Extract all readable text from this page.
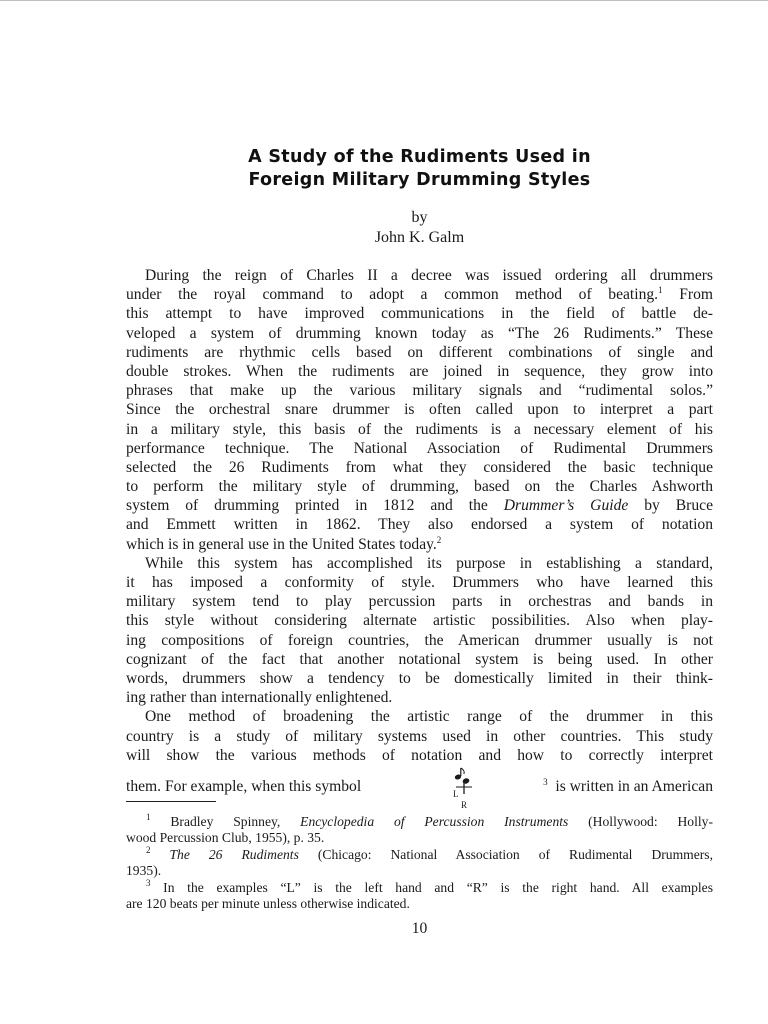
A Study of the Rudiments Used in
Foreign Military Drumming Styles
by
John K. Galm
During the reign of Charles II a decree was issued ordering all drummers
under the royal command to adopt a common method of beating.$^1$ From
this attempt to have improved communications in the field of battle de-
veloped a system of drumming known today as “The 26 Rudiments.” These
rudiments are rhythmic cells based on different combinations of single and
double strokes. When the rudiments are joined in sequence, they grow into
phrases that make up the various military signals and “rudimental solos.”
Since the orchestral snare drummer is often called upon to interpret a part
in a military style, this basis of the rudiments is a necessary element of his
performance technique. The National Association of Rudimental Drummers
selected the 26 Rudiments from what they considered the basic technique
to perform the military style of drumming, based on the Charles Ashworth
system of drumming printed in 1812 and the Drummer’s Guide by Bruce
and Emmett written in 1862. They also endorsed a system of notation
which is in general use in the United States today.$^2$
While this system has accomplished its purpose in establishing a standard,
it has imposed a conformity of style. Drummers who have learned this
military system tend to play percussion parts in orchestras and bands in
this style without considering alternate artistic possibilities. Also when play-
ing compositions of foreign countries, the American drummer usually is not
cognizant of the fact that another notational system is being used. In other
words, drummers show a tendency to be domestically limited in their think-
ing rather than internationally enlightened.
One method of broadening the artistic range of the drummer in this
country is a study of military systems used in other countries. This study
will show the various methods of notation and how to correctly interpret
them. For example, when this symbol	L
R
$^3$ is written in an American
$^1$ Bradley Spinney, Encyclopedia of Percussion Instruments (Hollywood: Holly-
wood Percussion Club, 1955), p. 35.
$^2$ The 26 Rudiments (Chicago: National Association of Rudimental Drummers,
1935).
$^3$ In the examples “L” is the left hand and “R” is the right hand. All examples
are 120 beats per minute unless otherwise indicated.
10
